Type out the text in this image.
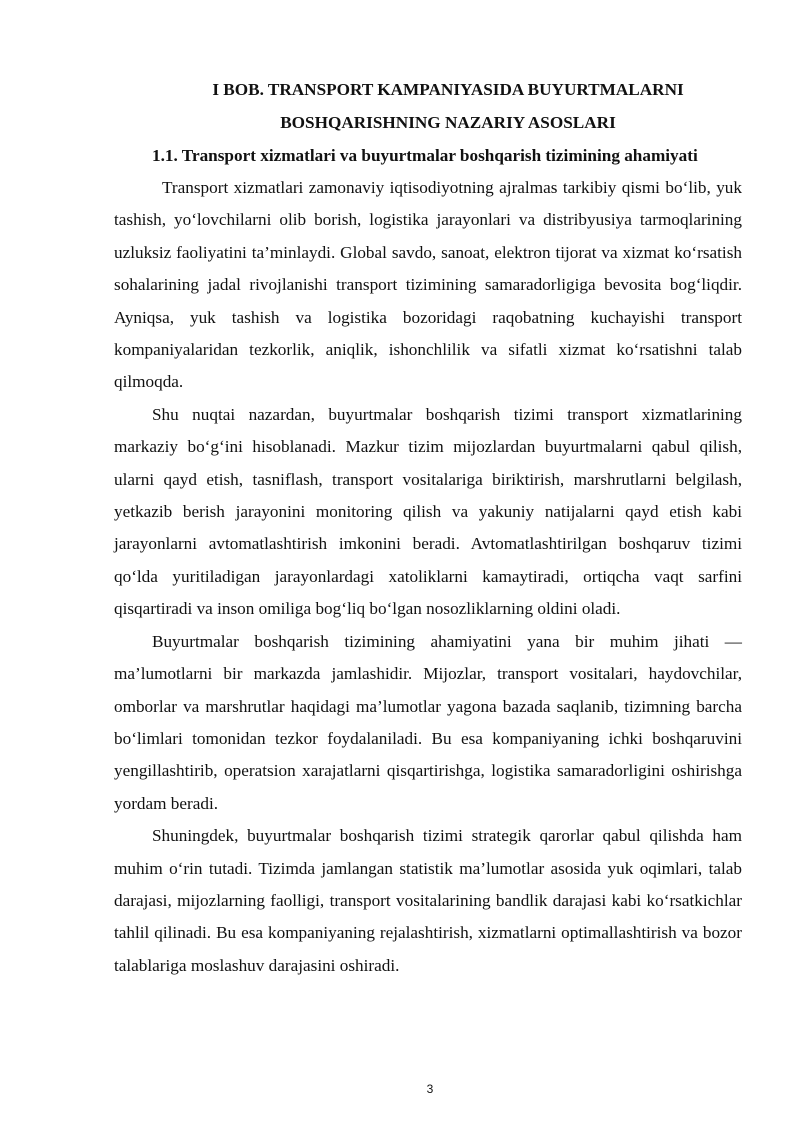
I BOB. TRANSPORT KAMPANIYASIDA BUYURTMALARNI
BOSHQARISHNING NAZARIY ASOSLARI
1.1. Transport xizmatlari va buyurtmalar boshqarish tizimining ahamiyati

Transport xizmatlari zamonaviy iqtisodiyotning ajralmas tarkibiy qismi bo‘lib, yuk tashish, yo‘lovchilarni olib borish, logistika jarayonlari va distribyusiya tarmoqlarining uzluksiz faoliyatini ta’minlaydi. Global savdo, sanoat, elektron tijorat va xizmat ko‘rsatish sohalarining jadal rivojlanishi transport tizimining samaradorligiga bevosita bog‘liqdir. Ayniqsa, yuk tashish va logistika bozoridagi raqobatning kuchayishi transport kompaniyalaridan tezkorlik, aniqlik, ishonchlilik va sifatli xizmat ko‘rsatishni talab qilmoqda.

Shu nuqtai nazardan, buyurtmalar boshqarish tizimi transport xizmatlarining markaziy bo‘g‘ini hisoblanadi. Mazkur tizim mijozlardan buyurtmalarni qabul qilish, ularni qayd etish, tasniflash, transport vositalariga biriktirish, marshrutlarni belgilash, yetkazib berish jarayonini monitoring qilish va yakuniy natijalarni qayd etish kabi jarayonlarni avtomatlashtirish imkonini beradi. Avtomatlashtirilgan boshqaruv tizimi qo‘lda yuritiladigan jarayonlardagi xatoliklarni kamaytiradi, ortiqcha vaqt sarfini qisqartiradi va inson omiliga bog‘liq bo‘lgan nosozliklarning oldini oladi.

Buyurtmalar boshqarish tizimining ahamiyatini yana bir muhim jihati — ma’lumotlarni bir markazda jamlashidir. Mijozlar, transport vositalari, haydovchilar, omborlar va marshrutlar haqidagi ma’lumotlar yagona bazada saqlanib, tizimning barcha bo‘limlari tomonidan tezkor foydalaniladi. Bu esa kompaniyaning ichki boshqaruvini yengillashtirib, operatsion xarajatlarni qisqartirishga, logistika samaradorligini oshirishga yordam beradi.

Shuningdek, buyurtmalar boshqarish tizimi strategik qarorlar qabul qilishda ham muhim o‘rin tutadi. Tizimda jamlangan statistik ma’lumotlar asosida yuk oqimlari, talab darajasi, mijozlarning faolligi, transport vositalarining bandlik darajasi kabi ko‘rsatkichlar tahlil qilinadi. Bu esa kompaniyaning rejalashtirish, xizmatlarni optimallashtirish va bozor talablariga moslashuv darajasini oshiradi.

3
